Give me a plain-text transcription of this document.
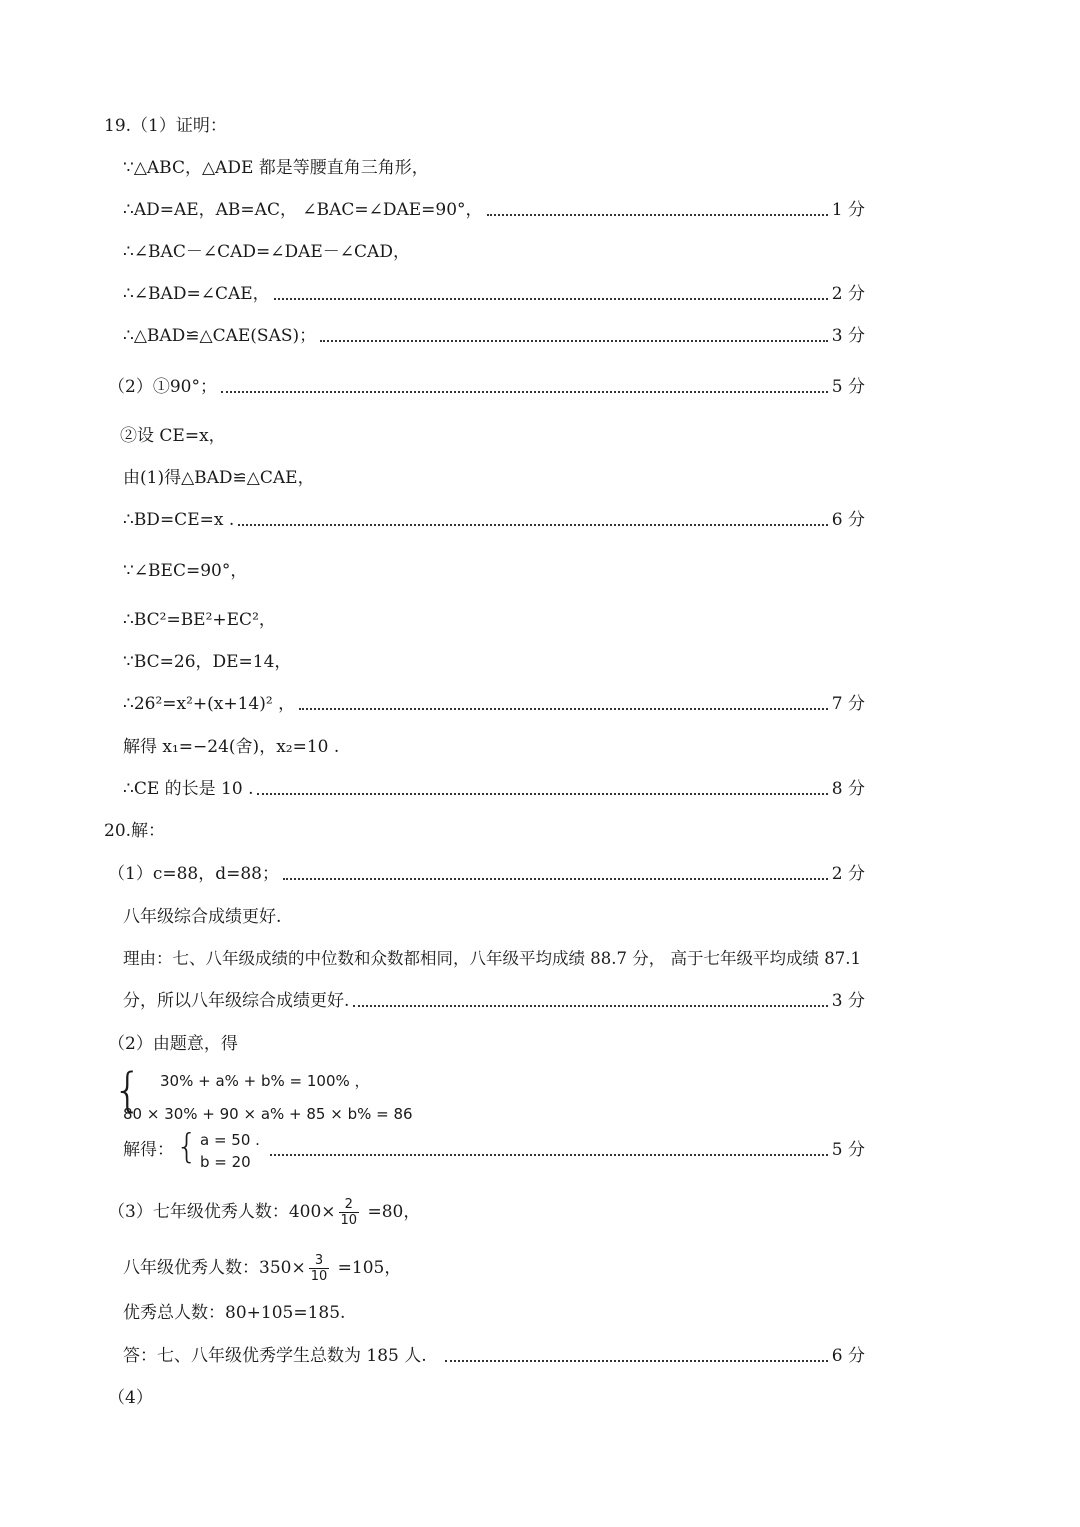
19.（1）证明：
∵△ABC，△ADE 都是等腰直角三角形，
∴AD=AE，AB=AC， ∠BAC=∠DAE=90°，	1 分
∴∠BAC－∠CAD=∠DAE－∠CAD，
∴∠BAD=∠CAE，	2 分
∴△BAD≌△CAE(SAS)；	3 分
（2）①90°；	5 分
②设 CE=x，
由(1)得△BAD≌△CAE，
∴BD=CE=x .	6 分
∵∠BEC=90°，
∴BC²=BE²+EC²，
∵BC=26，DE=14，
∴26²=x²+(x+14)² ，	7 分
解得 x₁=−24(舍)，x₂=10 .
∴CE 的长是 10 .	8 分
20.解：
（1）c=88，d=88；	2 分
八年级综合成绩更好.
理由：七、八年级成绩的中位数和众数都相同，八年级平均成绩 88.7 分， 高于七年级平均成绩 87.1
分，所以八年级综合成绩更好.	3 分
（2）由题意，得
{ 30% + a% + b% = 100% ，
80 × 30% + 90 × a% + 85 × b% = 86
解得： { a = 50 .
b = 20
5 分
（3）七年级优秀人数：$400\times \frac{2}{10} =80$，
八年级优秀人数：$350\times \frac{3}{10} =105$，
优秀总人数：80+105=185.
答：七、八年级优秀学生总数为 185 人.	6 分
（4）
